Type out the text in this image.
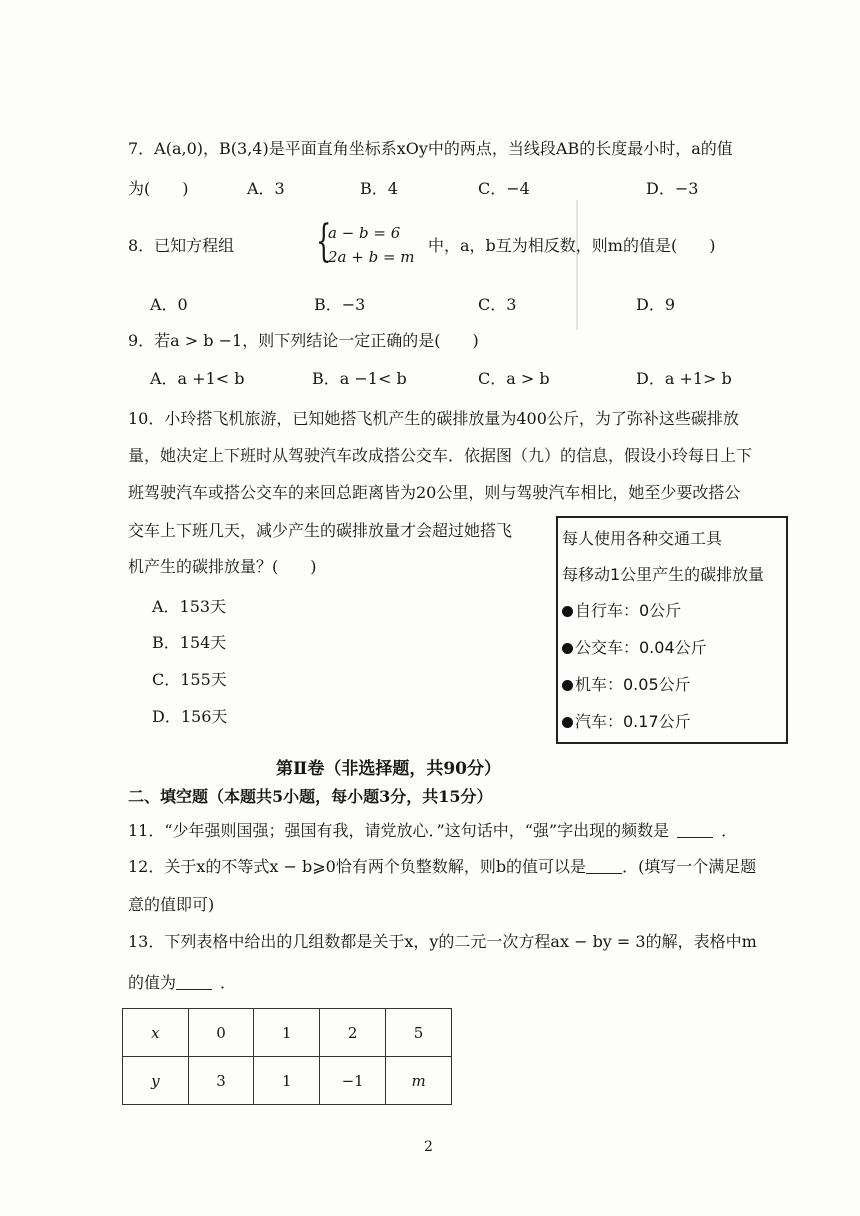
7．A(a,0)，B(3,4)是平面直角坐标系xOy中的两点，当线段AB的长度最小时，a的值
为(　　)	A．3	B．4	C．−4	D．−3
8．已知方程组 {
a − b = 6
2a + b = m
中，a，b互为相反数，则m的值是(　　)
A．0	B．−3	C．3	D．9
9．若a > b −1，则下列结论一定正确的是(　　)
A．a +1< b	B．a −1< b	C．a > b	D．a +1> b
10．小玲搭飞机旅游，已知她搭飞机产生的碳排放量为400公斤，为了弥补这些碳排放
量，她决定上下班时从驾驶汽车改成搭公交车．依据图（九）的信息，假设小玲每日上下
班驾驶汽车或搭公交车的来回总距离皆为20公里，则与驾驶汽车相比，她至少要改搭公
交车上下班几天，减少产生的碳排放量才会超过她搭飞
机产生的碳排放量？(　　)
A．153天
B．154天
C．155天
D．156天
每人使用各种交通工具
每移动1公里产生的碳排放量
自行车：0公斤
公交车：0.04公斤
机车：0.05公斤
汽车：0.17公斤
第Ⅱ卷（非选择题，共90分）
二、填空题（本题共5小题，每小题3分，共15分）
11．“少年强则国强；强国有我，请党放心．”这句话中，“强”字出现的频数是	．
12．关于x的不等式x − b⩾0恰有两个负整数解，则b的值可以是 ．(填写一个满足题
意的值即可)
13．下列表格中给出的几组数都是关于x，y的二元一次方程ax − by = 3的解，表格中m
的值为	．
x	0	1	2	5
y	3	1	−1	m
2
